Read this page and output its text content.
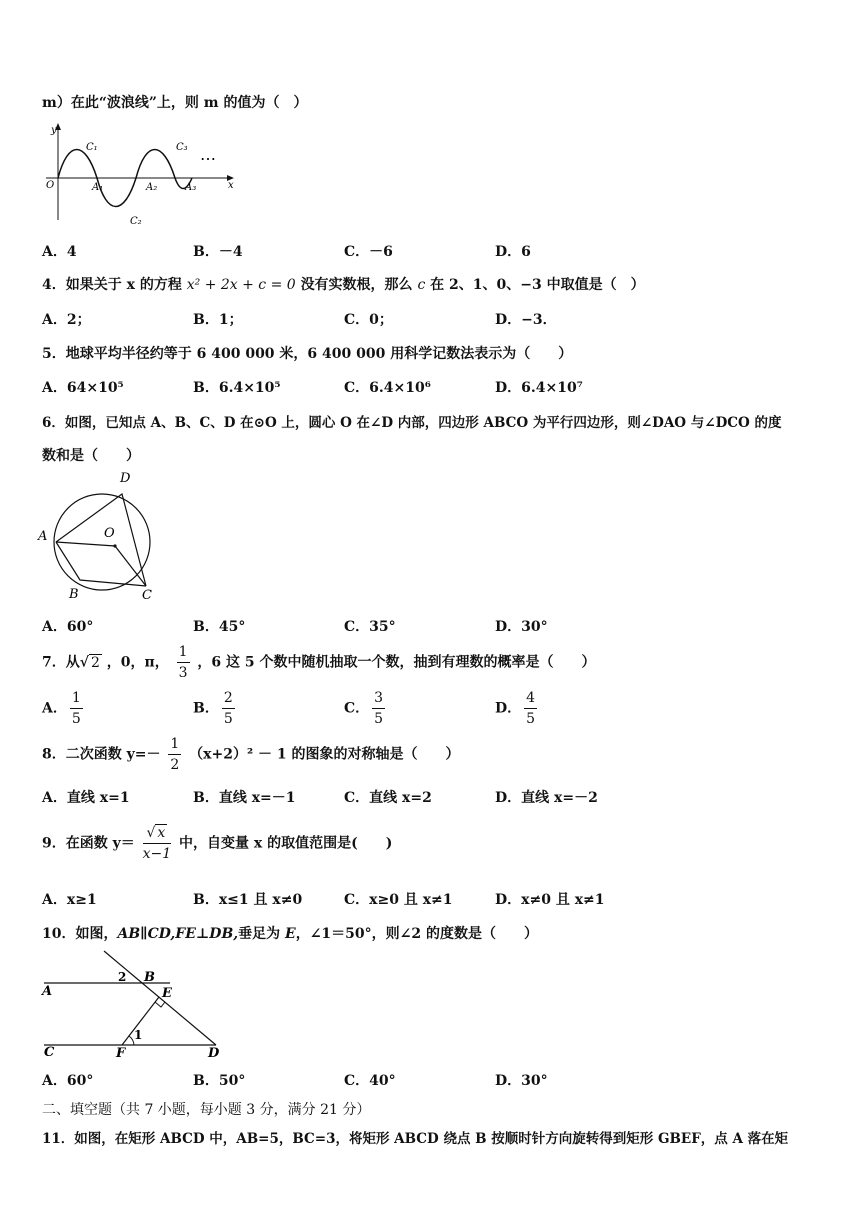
m）在此“波浪线”上，则 m 的值为（　）
y
x
O
C₁
C₂
C₃
A₁	A₂	A₃
⋯
A．4	B．－4	C．－6	D．6
4．如果关于 x 的方程 x² + 2x + c = 0 没有实数根，那么 c 在 2、1、0、−3 中取值是（　）
A．2；	B．1；	C．0；	D．−3．
5．地球平均半径约等于 6 400 000 米，6 400 000 用科学记数法表示为（　　）
A．64×10⁵	B．6.4×10⁵	C．6.4×10⁶	D．6.4×10⁷
6．如图，已知点 A、B、C、D 在⊙O 上，圆心 O 在∠D 内部，四边形 ABCO 为平行四边形，则∠DAO 与∠DCO 的度
数和是（　　）
A
B	C
D
O
A．60°	B．45°	C．35°	D．30°
7．从√ 2 ，0，π， $\frac{1}{3}$ ，6 这 5 个数中随机抽取一个数，抽到有理数的概率是（　　）
A． $\frac{1}{5}$	B． $\frac{2}{5}$	C． $\frac{3}{5}$	D． $\frac{4}{5}$
8．二次函数 $y=- \frac{1}{2} (x+2)^2 - 1$ 的图象的对称轴是（　　）
A．直线 x=1	B．直线 x=－1	C．直线 x=2	D．直线 x=－2
9．在函数 $y= \frac{√ x}{x-1}$ 中，自变量 x 的取值范围是(　　)
A．x≥1	B．x≤1 且 x≠0	C．x≥0 且 x≠1	D．x≠0 且 x≠1
10．如图，AB∥CD,FE⊥DB,垂足为 E，∠1＝50°，则∠2 的度数是（　　）
A
B
C	D
E
F
1
2
A．60°	B．50°	C．40°	D．30°
二、填空题（共 7 小题，每小题 3 分，满分 21 分）
11．如图，在矩形 ABCD 中，AB=5，BC=3，将矩形 ABCD 绕点 B 按顺时针方向旋转得到矩形 GBEF，点 A 落在矩
